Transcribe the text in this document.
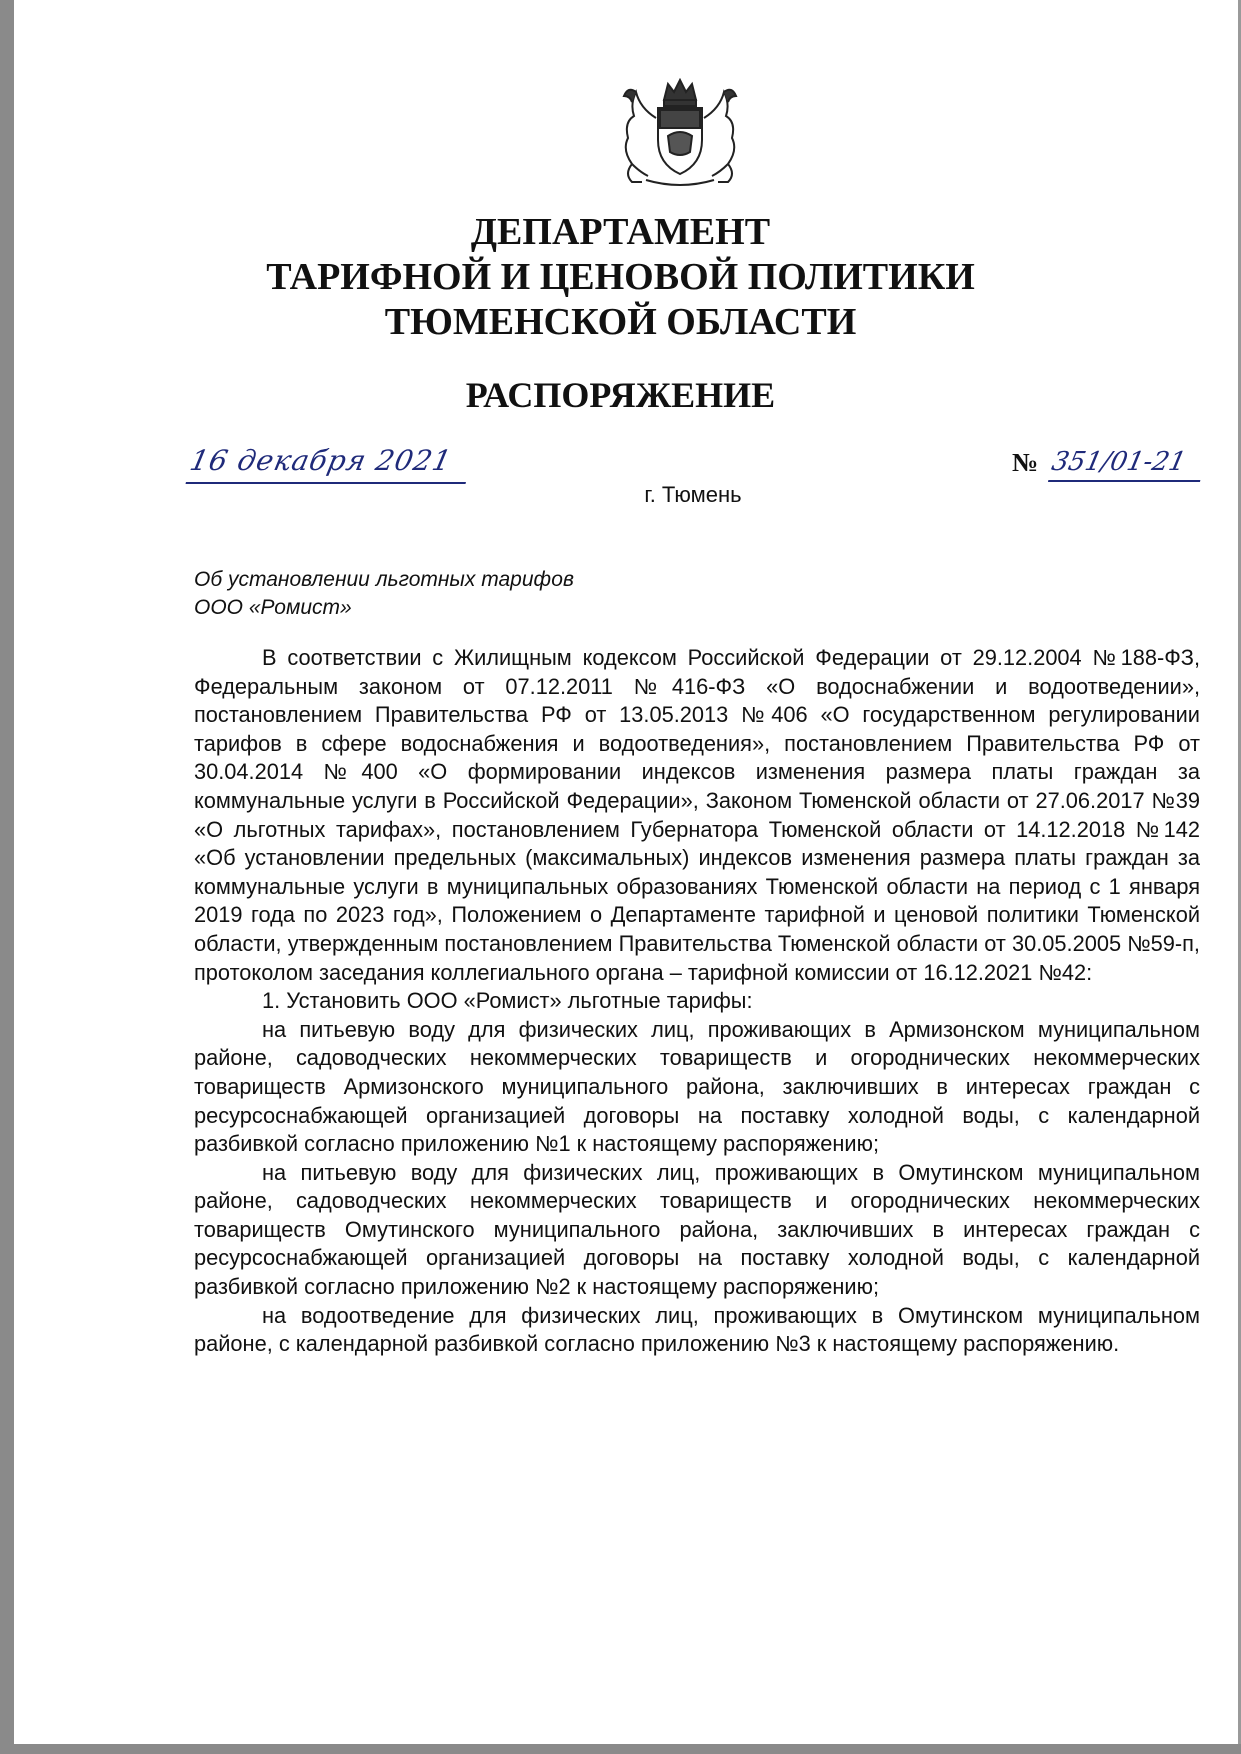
ДЕПАРТАМЕНТ
ТАРИФНОЙ И ЦЕНОВОЙ ПОЛИТИКИ
ТЮМЕНСКОЙ ОБЛАСТИ
РАСПОРЯЖЕНИЕ
16 декабря 2021	№ 351/01-21
г. Тюмень
Об установлении льготных тарифов
ООО «Ромист»

В соответствии с Жилищным кодексом Российской Федерации от 29.12.2004 №188-ФЗ, Федеральным законом от 07.12.2011 №416-ФЗ «О водоснабжении и водоотведении», постановлением Правительства РФ от 13.05.2013 №406 «О государственном регулировании тарифов в сфере водоснабжения и водоотведения», постановлением Правительства РФ от 30.04.2014 №400 «О формировании индексов изменения размера платы граждан за коммунальные услуги в Российской Федерации», Законом Тюменской области от 27.06.2017 №39 «О льготных тарифах», постановлением Губернатора Тюменской области от 14.12.2018 №142 «Об установлении предельных (максимальных) индексов изменения размера платы граждан за коммунальные услуги в муниципальных образованиях Тюменской области на период с 1 января 2019 года по 2023 год», Положением о Департаменте тарифной и ценовой политики Тюменской области, утвержденным постановлением Правительства Тюменской области от 30.05.2005 №59-п, протоколом заседания коллегиального органа – тарифной комиссии от 16.12.2021 №42:

1. Установить ООО «Ромист» льготные тарифы:

на питьевую воду для физических лиц, проживающих в Армизонском муниципальном районе, садоводческих некоммерческих товариществ и огороднических некоммерческих товариществ Армизонского муниципального района, заключивших в интересах граждан с ресурсоснабжающей организацией договоры на поставку холодной воды, с календарной разбивкой согласно приложению №1 к настоящему распоряжению;

на питьевую воду для физических лиц, проживающих в Омутинском муниципальном районе, садоводческих некоммерческих товариществ и огороднических некоммерческих товариществ Омутинского муниципального района, заключивших в интересах граждан с ресурсоснабжающей организацией договоры на поставку холодной воды, с календарной разбивкой согласно приложению №2 к настоящему распоряжению;

на водоотведение для физических лиц, проживающих в Омутинском муниципальном районе, с календарной разбивкой согласно приложению №3 к настоящему распоряжению.
